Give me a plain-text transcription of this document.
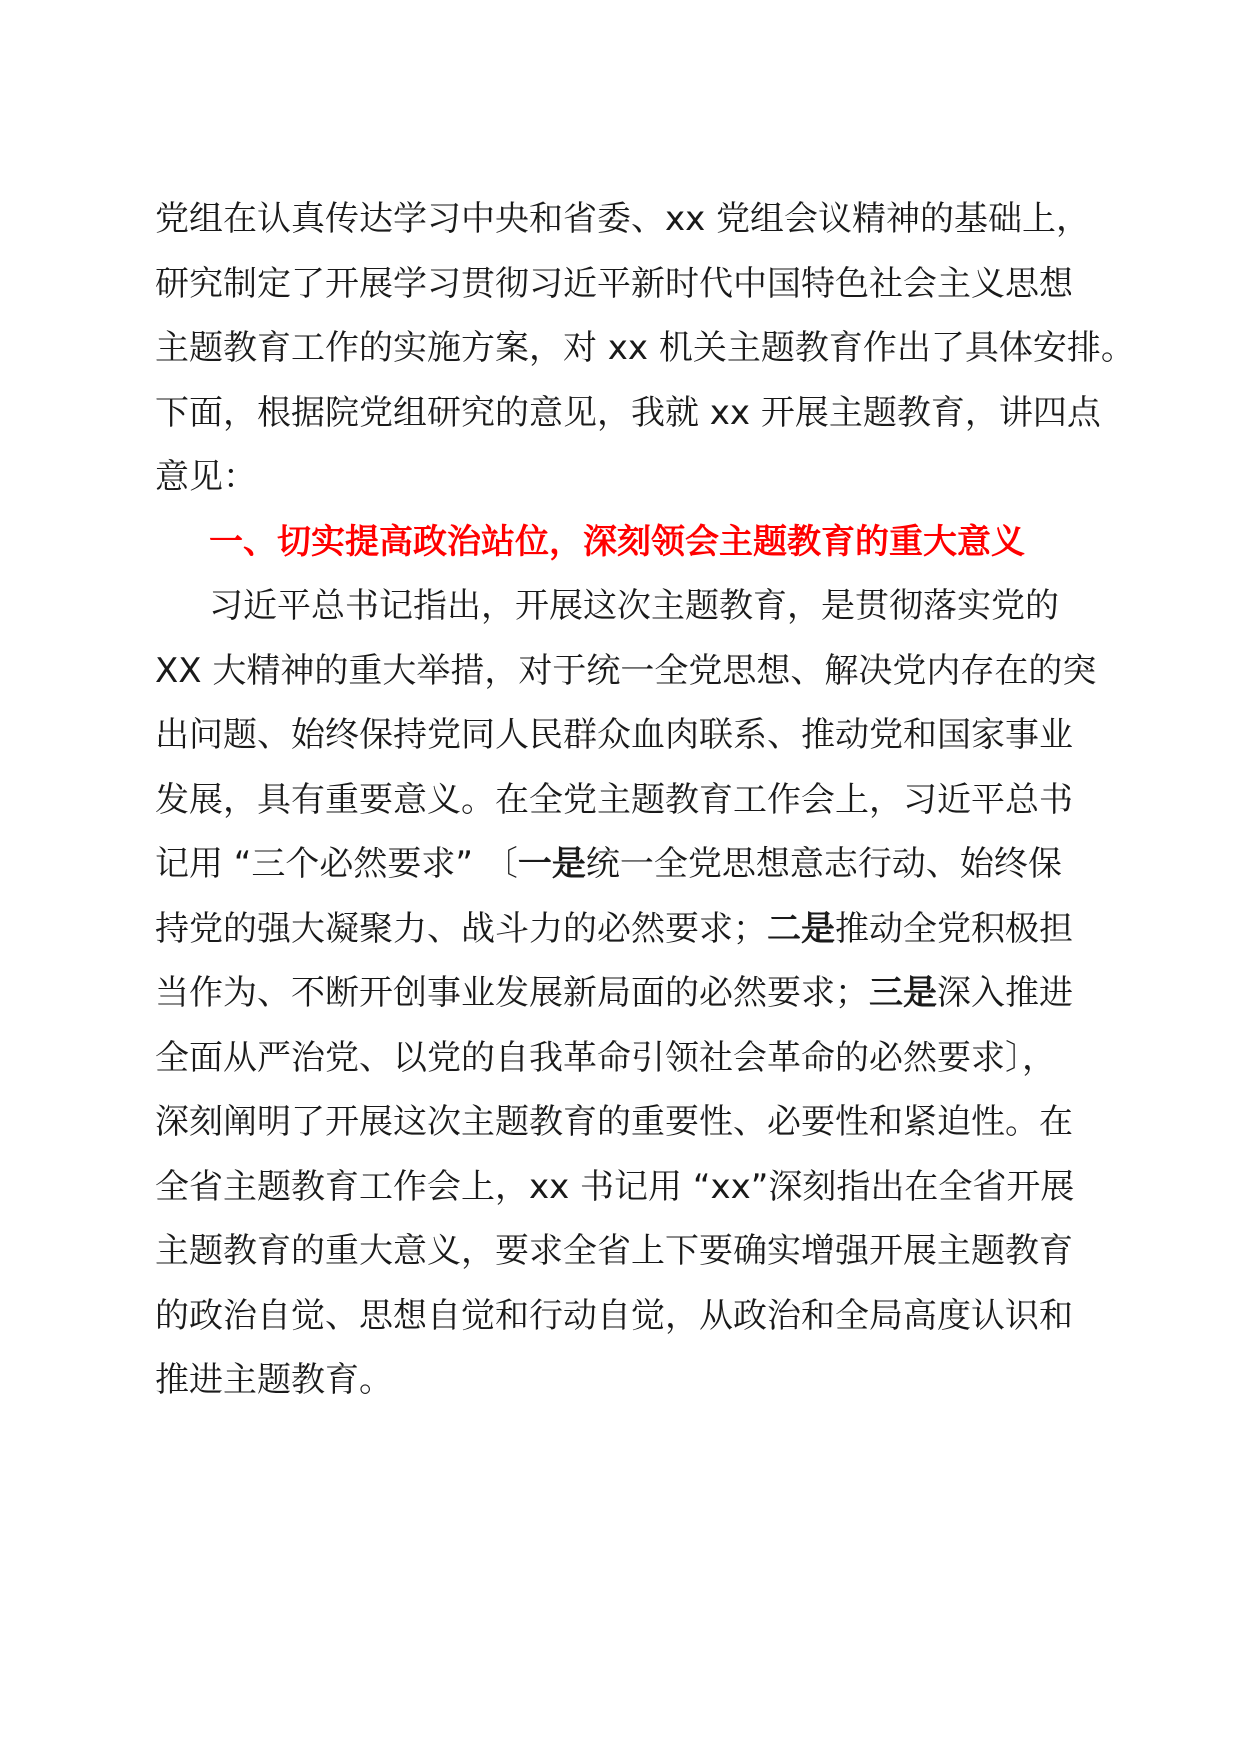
党组在认真传达学习中央和省委、xx 党组会议精神的基础上，
研究制定了开展学习贯彻习近平新时代中国特色社会主义思想
主题教育工作的实施方案，对 xx 机关主题教育作出了具体安排。
下面，根据院党组研究的意见，我就 xx 开展主题教育，讲四点
意见：
一、切实提高政治站位，深刻领会主题教育的重大意义
习近平总书记指出，开展这次主题教育，是贯彻落实党的
XX 大精神的重大举措，对于统一全党思想、解决党内存在的突
出问题、始终保持党同人民群众血肉联系、推动党和国家事业
发展，具有重要意义。在全党主题教育工作会上，习近平总书
记用 “三个必然要求” 〔一是统一全党思想意志行动、始终保
持党的强大凝聚力、战斗力的必然要求；二是推动全党积极担
当作为、不断开创事业发展新局面的必然要求；三是深入推进
全面从严治党、以党的自我革命引领社会革命的必然要求〕，
深刻阐明了开展这次主题教育的重要性、必要性和紧迫性。在
全省主题教育工作会上，xx 书记用 “xx”深刻指出在全省开展
主题教育的重大意义，要求全省上下要确实增强开展主题教育
的政治自觉、思想自觉和行动自觉，从政治和全局高度认识和
推进主题教育。
